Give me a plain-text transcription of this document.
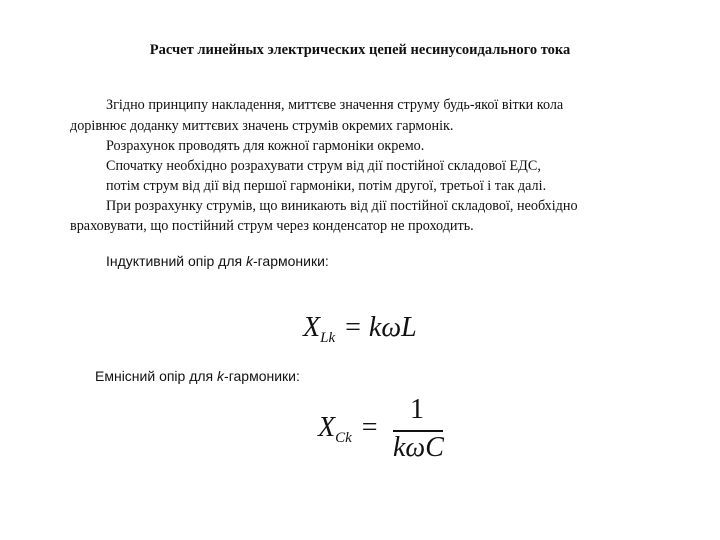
Расчет линейных электрических цепей несинусоидального тока
Згідно принципу накладення, миттєве значення струму будь-якої вітки кола
дорівнює доданку миттєвих значень струмів окремих гармонік.
Розрахунок проводять для кожної гармоніки окремо.
Спочатку необхідно розрахувати струм від дії постійної складової ЕДС,
потім струм від дії від першої гармоніки, потім другої, третьої і так далі.
При розрахунку струмів, що виникають від дії постійної складової, необхідно
враховувати, що постійний струм через конденсатор не проходить.
Індуктивний опір для k-гармоники:
XLk = kωL
Емнісний опір для k-гармоники:
XCk =
1
kωC
